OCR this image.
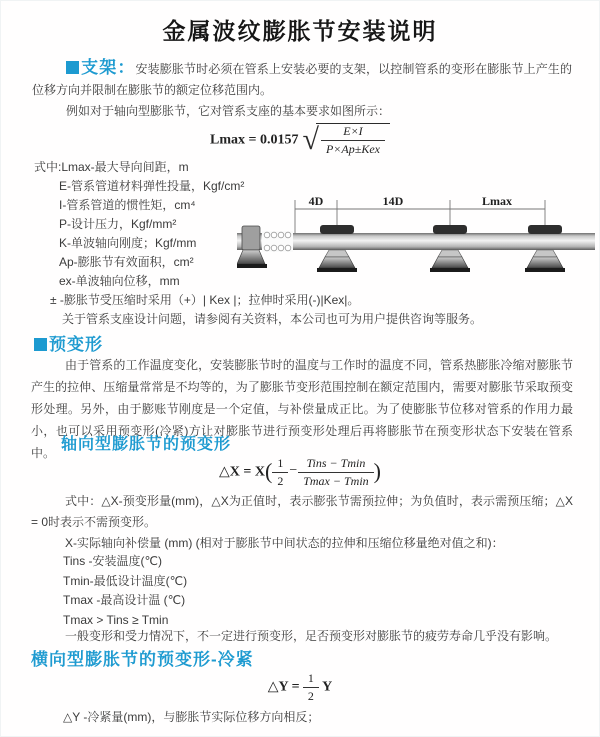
金属波纹膨胀节安装说明

支架：安装膨胀节时必须在管系上安装必要的支架，以控制管系的变形在膨胀节上产生的位移方向并限制在膨胀节的额定位移范围内。

例如对于轴向型膨胀节，它对管系支座的基本要求如图所示：

Lmax = 0.0157 √ $\frac{E\times I}{\text{P×Ap±Kex}}$
式中:Lmax-最大导向间距，m
E-管系管道材料弹性投量，Kgf/cm²
I-管系管道的惯性矩，cm⁴
P-设计压力，Kgf/mm²
K-单波轴向刚度；Kgf/mm
Ap-膨胀节有效面积，cm²
ex-单波轴向位移，mm
± -膨胀节受压缩时采用（+）| Kex |；拉伸时采用(-)|Kex|。
关于管系支座设计问题，请参阅有关资料，本公司也可为用户提供咨询等服务。
4D	14D	Lmax
预变形

由于管系的工作温度变化，安装膨胀节时的温度与工作时的温度不同，管系热膨胀冷缩对膨胀节产生的拉伸、压缩量常常是不均等的，为了膨胀节变形范围控制在额定范围内，需要对膨胀节采取预变形处理。另外，由于膨账节刚度是一个定值，与补偿量成正比。为了使膨胀节位移对管系的作用力最小，也可以采用预变形(冷紧)方让对膨胀节进行预变形处理后再将膨胀节在预变形状态下安装在管系中。 轴向型膨胀节的预变形
△X = $X( \frac{1}{2} - \frac{\text{Tins − Tmin}}{Tmax - Tmin}$ )

式中：△X-预变形量(mm)，△X为正值时，表示膨张节需预拉伸；为负值时，表示需预压缩；△X = 0时表示不需预变形。

X-实际轴向补偿量 (mm) (相对于膨胀节中间状态的拉伸和压缩位移量绝对值之和)：

Tins -安装温度(℃)
Tmin-最低设计温度(℃)
Tmax -最高设计温 (℃)
Tmax > Tins ≥ Tmin

一般变形和受力情况下，不一定进行预变形，足否预变形对膨胀节的疲劳寿命几乎没有影响。

横向型膨胀节的预变形-冷紧
△Y = $\frac{1}{2}$ Y

△Y -冷紧量(mm)，与膨胀节实际位移方向相反；
